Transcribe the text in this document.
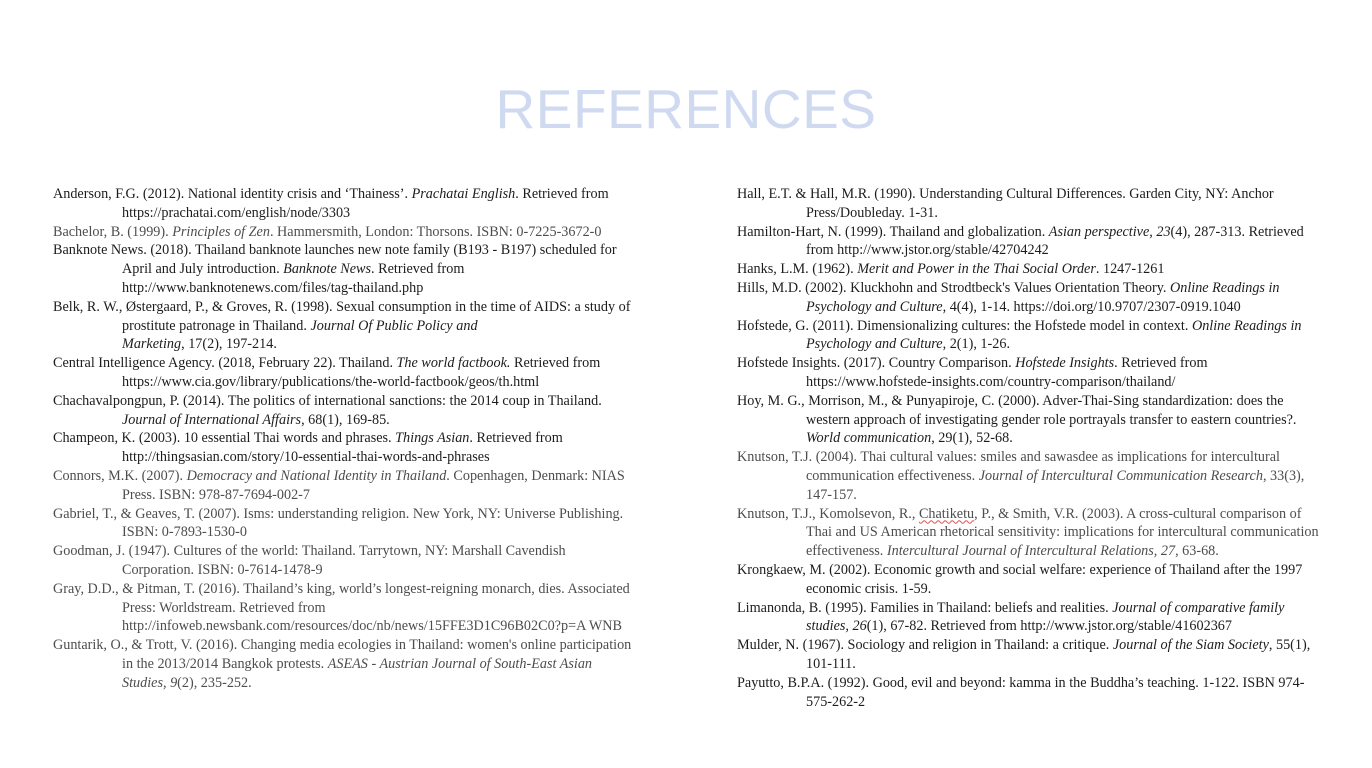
REFERENCES

Anderson, F.G. (2012). National identity crisis and ‘Thainess’. Prachatai English. Retrieved from https://prachatai.com/english/node/3303

Bachelor, B. (1999). Principles of Zen. Hammersmith, London: Thorsons. ISBN: 0-7225-3672-0

Banknote News. (2018). Thailand banknote launches new note family (B193 - B197) scheduled for April and July introduction. Banknote News. Retrieved from http://www.banknotenews.com/files/tag-thailand.php

Belk, R. W., Østergaard, P., & Groves, R. (1998). Sexual consumption in the time of AIDS: a study of prostitute patronage in Thailand. Journal Of Public Policy and
Marketing, 17(2), 197-214.

Central Intelligence Agency. (2018, February 22). Thailand. The world factbook. Retrieved from https://www.cia.gov/library/publications/the-world-factbook/geos/th.html

Chachavalpongpun, P. (2014). The politics of international sanctions: the 2014 coup in Thailand. Journal of International Affairs, 68(1), 169-85.

Champeon, K. (2003). 10 essential Thai words and phrases. Things Asian. Retrieved from http://thingsasian.com/story/10-essential-thai-words-and-phrases

Connors, M.K. (2007). Democracy and National Identity in Thailand. Copenhagen, Denmark: NIAS Press. ISBN: 978-87-7694-002-7

Gabriel, T., & Geaves, T. (2007). Isms: understanding religion. New York, NY: Universe Publishing. ISBN: 0-7893-1530-0

Goodman, J. (1947). Cultures of the world: Thailand. Tarrytown, NY: Marshall Cavendish Corporation. ISBN: 0-7614-1478-9

Gray, D.D., & Pitman, T. (2016). Thailand’s king, world’s longest-reigning monarch, dies. Associated Press: Worldstream. Retrieved from http://infoweb.newsbank.com/resources/doc/nb/news/15FFE3D1C96B02C0?p=A WNB

Guntarik, O., & Trott, V. (2016). Changing media ecologies in Thailand: women's online participation in the 2013/2014 Bangkok protests. ASEAS - Austrian Journal of South-East Asian Studies, 9(2), 235-252.

Hall, E.T. & Hall, M.R. (1990). Understanding Cultural Differences. Garden City, NY: Anchor Press/Doubleday. 1-31.

Hamilton-Hart, N. (1999). Thailand and globalization. Asian perspective, 23(4), 287-313. Retrieved from http://www.jstor.org/stable/42704242

Hanks, L.M. (1962). Merit and Power in the Thai Social Order. 1247-1261

Hills, M.D. (2002). Kluckhohn and Strodtbeck's Values Orientation Theory. Online Readings in Psychology and Culture, 4(4), 1-14. https://doi.org/10.9707/2307-0919.1040

Hofstede, G. (2011). Dimensionalizing cultures: the Hofstede model in context. Online Readings in Psychology and Culture, 2(1), 1-26.

Hofstede Insights. (2017). Country Comparison. Hofstede Insights. Retrieved from https://www.hofstede-insights.com/country-comparison/thailand/

Hoy, M. G., Morrison, M., & Punyapiroje, C. (2000). Adver-Thai-Sing standardization: does the western approach of investigating gender role portrayals transfer to eastern countries?. World communication, 29(1), 52-68.

Knutson, T.J. (2004). Thai cultural values: smiles and sawasdee as implications for intercultural communication effectiveness. Journal of Intercultural Communication Research, 33(3), 147-157.

Knutson, T.J., Komolsevon, R., Chatiketu, P., & Smith, V.R. (2003). A cross-cultural comparison of Thai and US American rhetorical sensitivity: implications for intercultural communication effectiveness. Intercultural Journal of Intercultural Relations, 27, 63-68.

Krongkaew, M. (2002). Economic growth and social welfare: experience of Thailand after the 1997 economic crisis. 1-59.

Limanonda, B. (1995). Families in Thailand: beliefs and realities. Journal of comparative family studies, 26(1), 67-82. Retrieved from http://www.jstor.org/stable/41602367

Mulder, N. (1967). Sociology and religion in Thailand: a critique. Journal of the Siam Society, 55(1), 101-111.

Payutto, B.P.A. (1992). Good, evil and beyond: kamma in the Buddha’s teaching. 1-122. ISBN 974-575-262-2
